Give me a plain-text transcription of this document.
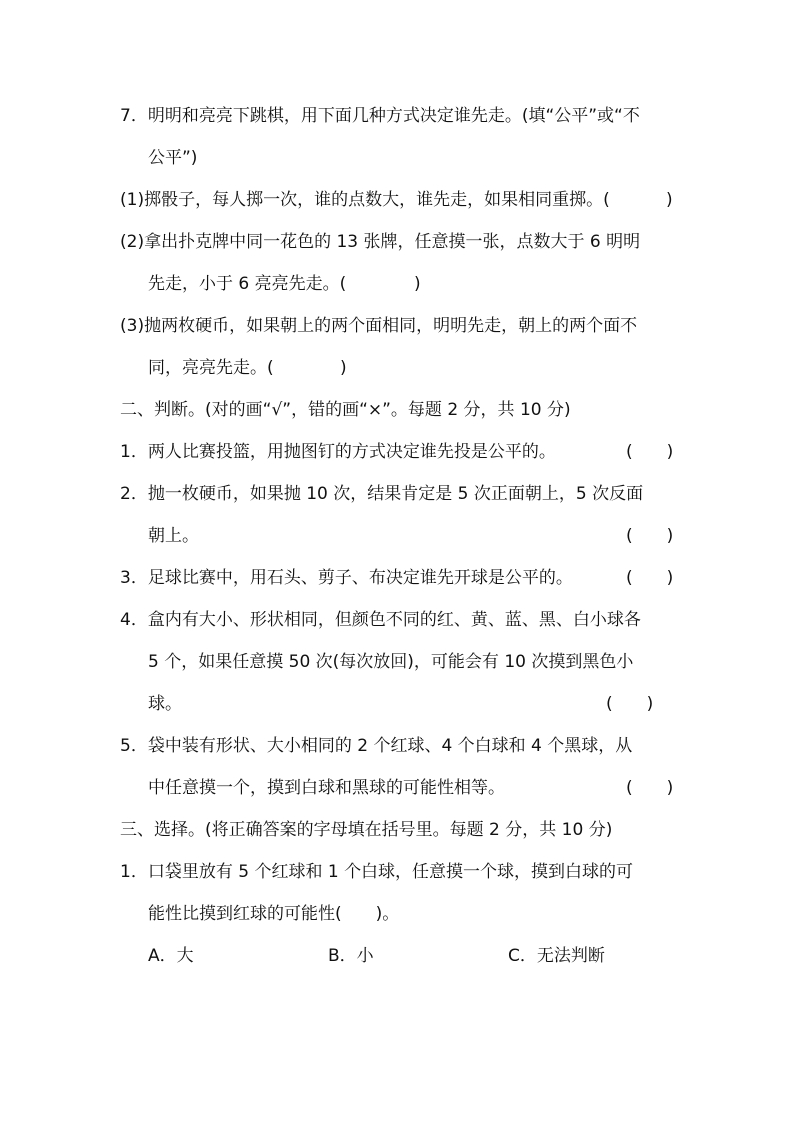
7．明明和亮亮下跳棋，用下面几种方式决定谁先走。(填“公平”或“不
公平”)
(1)掷骰子，每人掷一次，谁的点数大，谁先走，如果相同重掷。(	)
(2)拿出扑克牌中同一花色的 13 张牌，任意摸一张，点数大于 6 明明
先走，小于 6 亮亮先走。(	)
(3)抛两枚硬币，如果朝上的两个面相同，明明先走，朝上的两个面不
同，亮亮先走。(	)
二、判断。(对的画“√”，错的画“×”。每题 2 分，共 10 分)
1．两人比赛投篮，用抛图钉的方式决定谁先投是公平的。	(　　)
2．抛一枚硬币，如果抛 10 次，结果肯定是 5 次正面朝上，5 次反面
朝上。	(　　)
3．足球比赛中，用石头、剪子、布决定谁先开球是公平的。	(　　)
4．盒内有大小、形状相同，但颜色不同的红、黄、蓝、黑、白小球各
5 个，如果任意摸 50 次(每次放回)，可能会有 10 次摸到黑色小
球。	(　　)
5．袋中装有形状、大小相同的 2 个红球、4 个白球和 4 个黑球，从
中任意摸一个，摸到白球和黑球的可能性相等。	(　　)
三、选择。(将正确答案的字母填在括号里。每题 2 分，共 10 分)
1．口袋里放有 5 个红球和 1 个白球，任意摸一个球，摸到白球的可
能性比摸到红球的可能性(　　)。
A．大	B．小	C．无法判断
